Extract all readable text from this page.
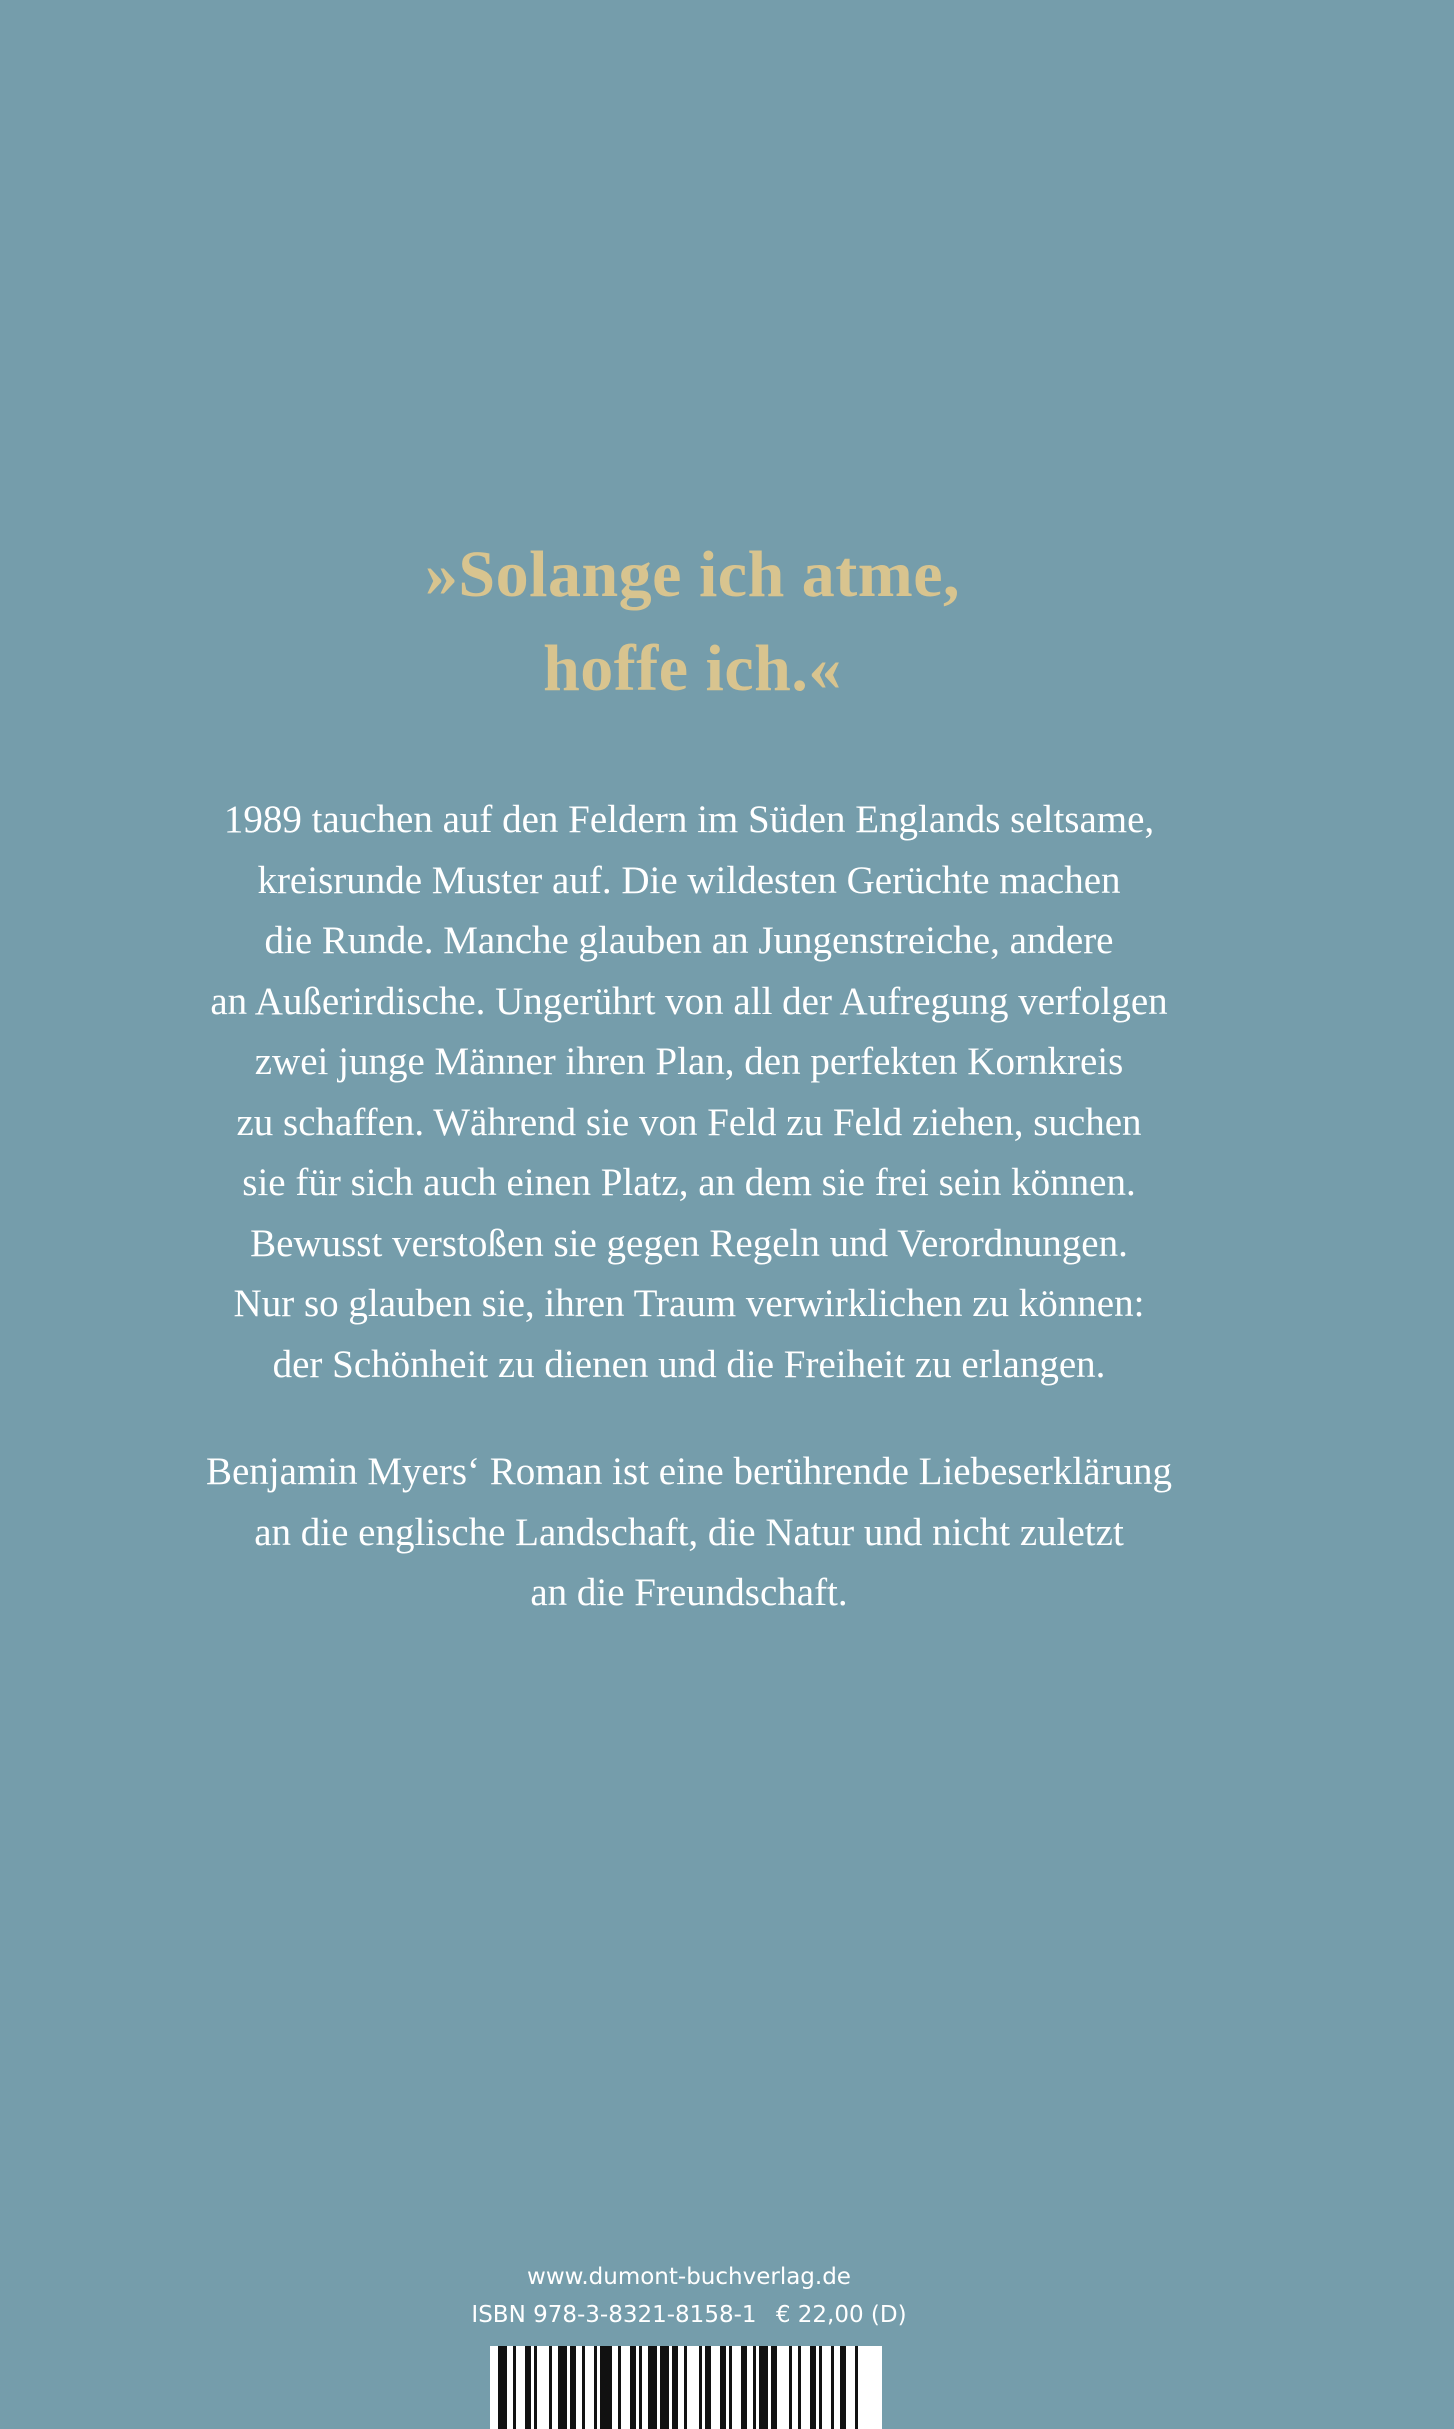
»Solange ich atme,
hoffe ich.«
1989 tauchen auf den Feldern im Süden Englands seltsame,
kreisrunde Muster auf. Die wildesten Gerüchte machen
die Runde. Manche glauben an Jungenstreiche, andere
an Außerirdische. Ungerührt von all der Aufregung verfolgen
zwei junge Männer ihren Plan, den perfekten Kornkreis
zu schaffen. Während sie von Feld zu Feld ziehen, suchen
sie für sich auch einen Platz, an dem sie frei sein können.
Bewusst verstoßen sie gegen Regeln und Verordnungen.
Nur so glauben sie, ihren Traum verwirklichen zu können:
der Schönheit zu dienen und die Freiheit zu erlangen.
Benjamin Myers‘ Roman ist eine berührende Liebeserklärung
an die englische Landschaft, die Natur und nicht zuletzt
an die Freundschaft.
www.dumont-buchverlag.de
ISBN 978-3-8321-8158-1 € 22,00 (D)
